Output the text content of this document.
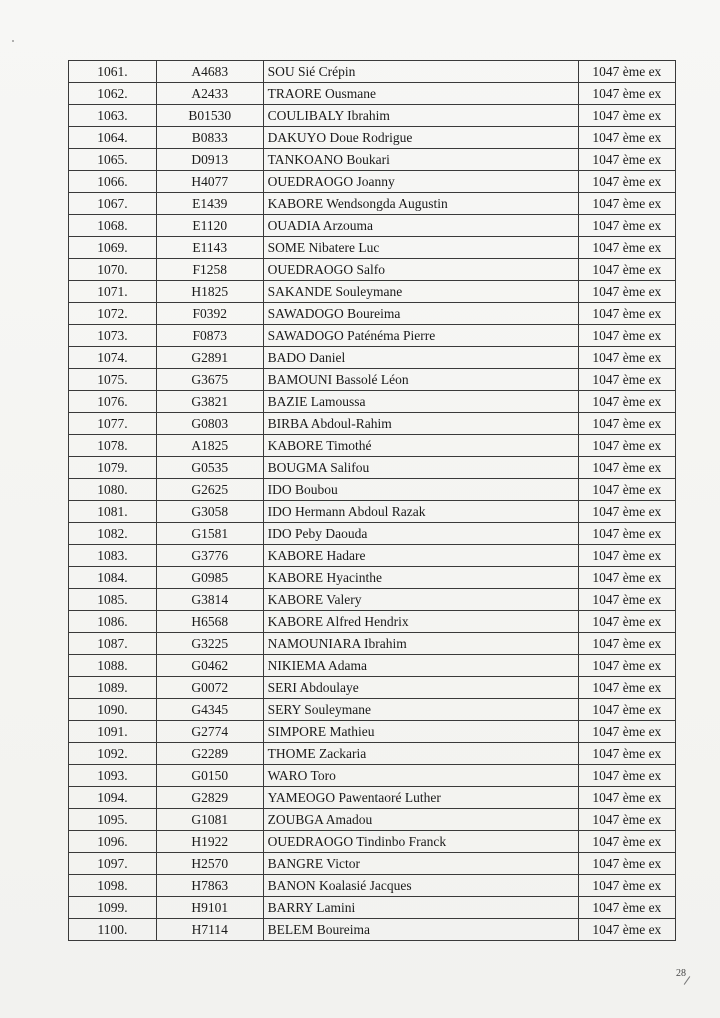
1061.	A4683	SOU Sié Crépin	1047 ème ex
1062.	A2433	TRAORE Ousmane	1047 ème ex
1063.	B01530	COULIBALY Ibrahim	1047 ème ex
1064.	B0833	DAKUYO Doue Rodrigue	1047 ème ex
1065.	D0913	TANKOANO Boukari	1047 ème ex
1066.	H4077	OUEDRAOGO Joanny	1047 ème ex
1067.	E1439	KABORE Wendsongda Augustin	1047 ème ex
1068.	E1120	OUADIA Arzouma	1047 ème ex
1069.	E1143	SOME Nibatere Luc	1047 ème ex
1070.	F1258	OUEDRAOGO Salfo	1047 ème ex
1071.	H1825	SAKANDE Souleymane	1047 ème ex
1072.	F0392	SAWADOGO Boureima	1047 ème ex
1073.	F0873	SAWADOGO Paténéma Pierre	1047 ème ex
1074.	G2891	BADO Daniel	1047 ème ex
1075.	G3675	BAMOUNI Bassolé Léon	1047 ème ex
1076.	G3821	BAZIE Lamoussa	1047 ème ex
1077.	G0803	BIRBA Abdoul-Rahim	1047 ème ex
1078.	A1825	KABORE Timothé	1047 ème ex
1079.	G0535	BOUGMA Salifou	1047 ème ex
1080.	G2625	IDO Boubou	1047 ème ex
1081.	G3058	IDO Hermann Abdoul Razak	1047 ème ex
1082.	G1581	IDO Peby Daouda	1047 ème ex
1083.	G3776	KABORE Hadare	1047 ème ex
1084.	G0985	KABORE Hyacinthe	1047 ème ex
1085.	G3814	KABORE Valery	1047 ème ex
1086.	H6568	KABORE Alfred Hendrix	1047 ème ex
1087.	G3225	NAMOUNIARA Ibrahim	1047 ème ex
1088.	G0462	NIKIEMA Adama	1047 ème ex
1089.	G0072	SERI Abdoulaye	1047 ème ex
1090.	G4345	SERY Souleymane	1047 ème ex
1091.	G2774	SIMPORE Mathieu	1047 ème ex
1092.	G2289	THOME Zackaria	1047 ème ex
1093.	G0150	WARO Toro	1047 ème ex
1094.	G2829	YAMEOGO Pawentaoré Luther	1047 ème ex
1095.	G1081	ZOUBGA Amadou	1047 ème ex
1096.	H1922	OUEDRAOGO Tindinbo Franck	1047 ème ex
1097.	H2570	BANGRE Victor	1047 ème ex
1098.	H7863	BANON Koalasié Jacques	1047 ème ex
1099.	H9101	BARRY Lamini	1047 ème ex
1100.	H7114	BELEM Boureima	1047 ème ex
28
